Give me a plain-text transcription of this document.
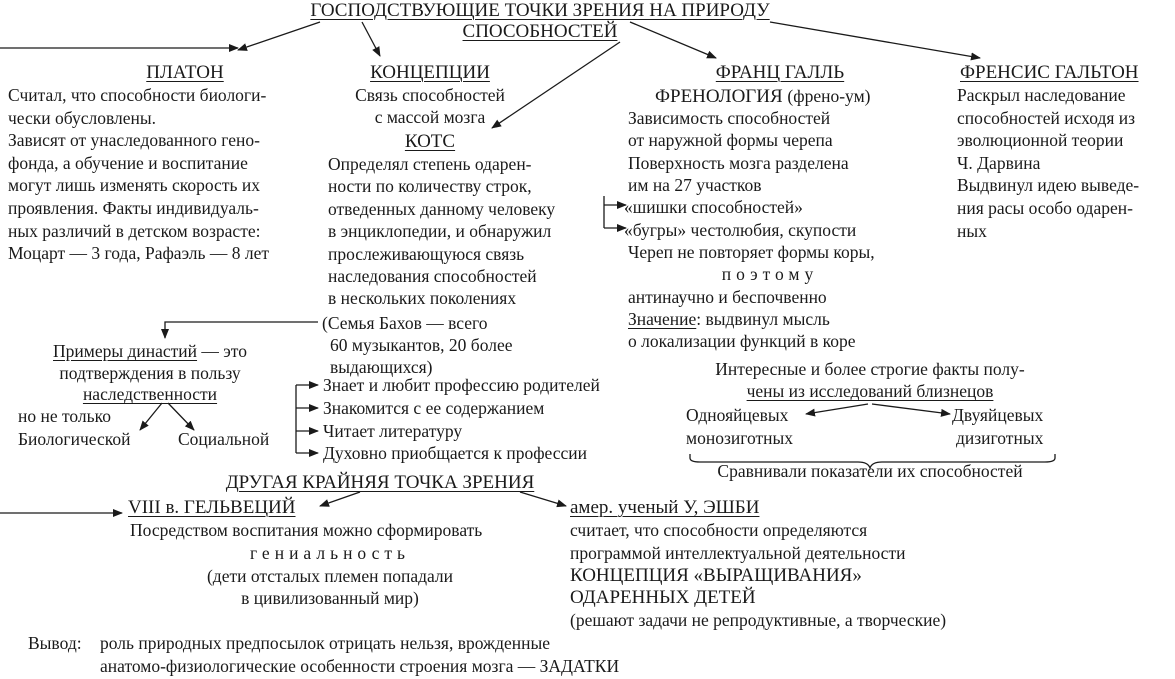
ГОСПОДСТВУЮЩИЕ ТОЧКИ ЗРЕНИЯ НА ПРИРОДУ
СПОСОБНОСТЕЙ
ПЛАТОН
Считал, что способности биологи-
чески обусловлены.
Зависят от унаследованного гено-
фонда, а обучение и воспитание
могут лишь изменять скорость их
проявления. Факты индивидуаль-
ных различий в детском возрасте:
Моцарт — 3 года, Рафаэль — 8 лет
КОНЦЕПЦИИ
Связь способностей
с массой мозга
КОТС
Определял степень одарен-
ности по количеству строк,
отведенных данному человеку
в энциклопедии, и обнаружил
прослеживающуюся связь
наследования способностей
в нескольких поколениях
(Семья Бахов — всего
60 музыкантов, 20 более
выдающихся)
ФРАНЦ ГАЛЛЬ
ФРЕНОЛОГИЯ (френо-ум)
Зависимость способностей
от наружной формы черепа
Поверхность мозга разделена
им на 27 участков
«шишки способностей»
«бугры» честолюбия, скупости
Череп не повторяет формы коры,
поэтому
антинаучно и беспочвенно
Значение: выдвинул мысль
о локализации функций в коре
ФРЕНСИС ГАЛЬТОН
Раскрыл наследование
способностей исходя из
эволюционной теории
Ч. Дарвина
Выдвинул идею выведе-
ния расы особо одарен-
ных
Примеры династий — это
подтверждения в пользу
наследственности
но не только
Биологической	Социальной
Знает и любит профессию родителей
Знакомится с ее содержанием
Читает литературу
Духовно приобщается к профессии
Интересные и более строгие факты полу-
чены из исследований близнецов
Однояйцевых
монозиготных
Двуяйцевых
дизиготных
Сравнивали показатели их способностей
ДРУГАЯ КРАЙНЯЯ ТОЧКА ЗРЕНИЯ
VIII в. ГЕЛЬВЕЦИЙ
Посредством воспитания можно сформировать
гениальность
(дети отсталых племен попадали
в цивилизованный мир)
амер. ученый У, ЭШБИ
считает, что способности определяются
программой интеллектуальной деятельности
КОНЦЕПЦИЯ «ВЫРАЩИВАНИЯ»
ОДАРЕННЫХ ДЕТЕЙ
(решают задачи не репродуктивные, а творческие)
Вывод: роль природных предпосылок отрицать нельзя, врожденные
анатомо-физиологические особенности строения мозга — ЗАДАТКИ
